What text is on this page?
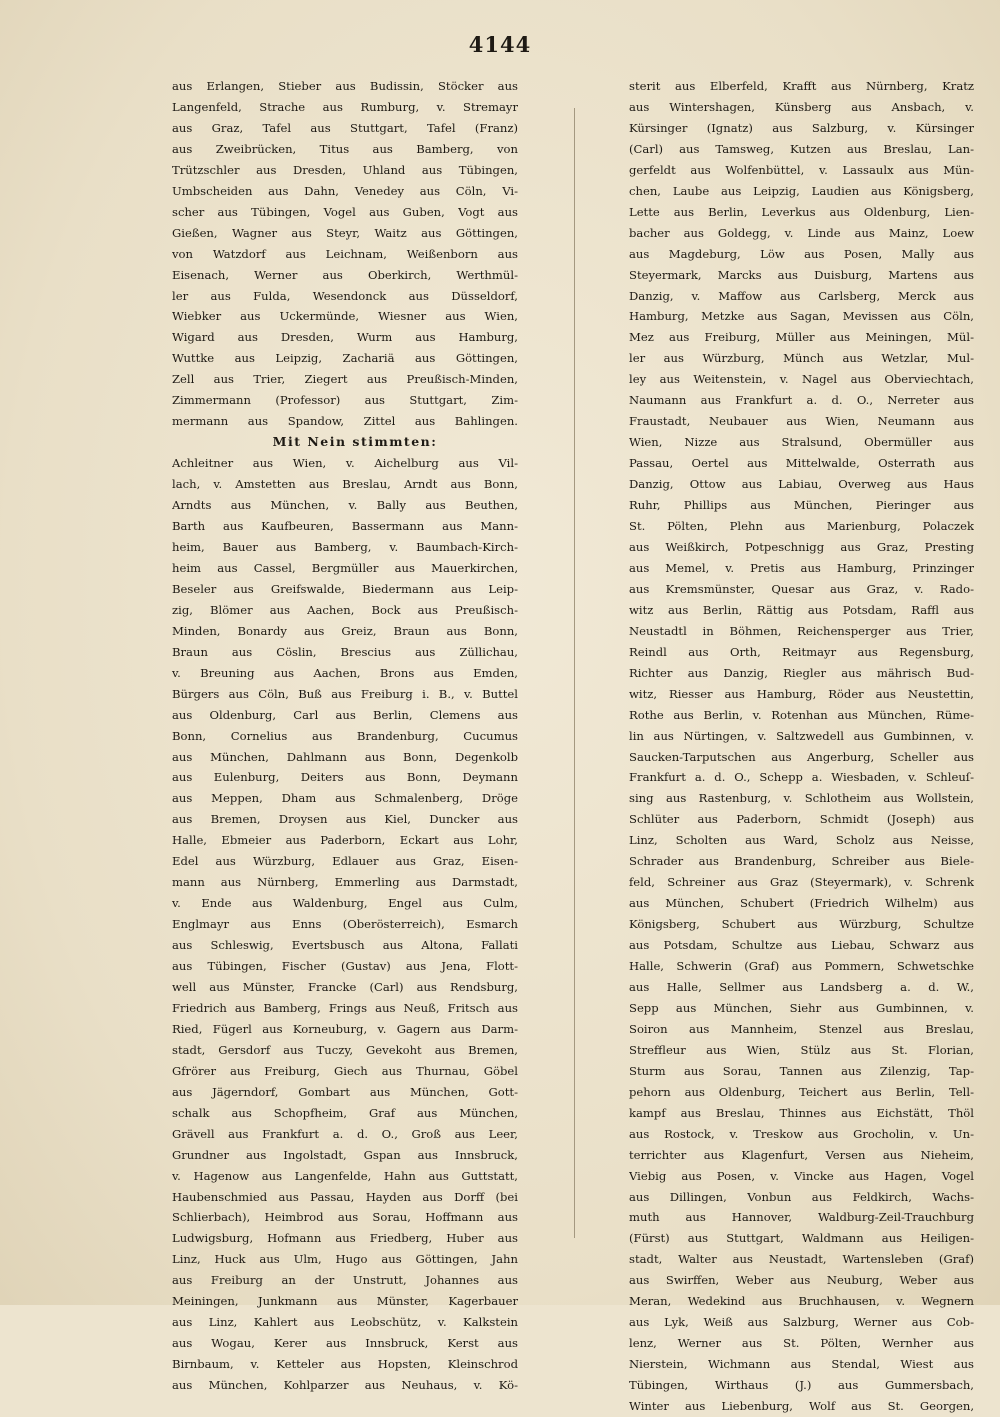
4144

aus Erlangen, Stieber aus Budissin, Stöcker aus

Langenfeld, Strache aus Rumburg, v. Stremayr

aus Graz, Tafel aus Stuttgart, Tafel (Franz)

aus Zweibrücken, Titus aus Bamberg, von

Trützschler aus Dresden, Uhland aus Tübingen,

Umbscheiden aus Dahn, Venedey aus Cöln, Vi-

scher aus Tübingen, Vogel aus Guben, Vogt aus

Gießen, Wagner aus Steyr, Waitz aus Göttingen,

von Watzdorf aus Leichnam, Weißenborn aus

Eisenach, Werner aus Oberkirch, Werthmül-

ler aus Fulda, Wesendonck aus Düsseldorf,

Wiebker aus Uckermünde, Wiesner aus Wien,

Wigard aus Dresden, Wurm aus Hamburg,

Wuttke aus Leipzig, Zachariä aus Göttingen,

Zell aus Trier, Ziegert aus Preußisch-Minden,

Zimmermann (Professor) aus Stuttgart, Zim-

mermann aus Spandow, Zittel aus Bahlingen.

Mit Nein stimmten:

Achleitner aus Wien, v. Aichelburg aus Vil-

lach, v. Amstetten aus Breslau, Arndt aus Bonn,

Arndts aus München, v. Bally aus Beuthen,

Barth aus Kaufbeuren, Bassermann aus Mann-

heim, Bauer aus Bamberg, v. Baumbach-Kirch-

heim aus Cassel, Bergmüller aus Mauerkirchen,

Beseler aus Greifswalde, Biedermann aus Leip-

zig, Blömer aus Aachen, Bock aus Preußisch-

Minden, Bonardy aus Greiz, Braun aus Bonn,

Braun aus Cöslin, Brescius aus Züllichau,

v. Breuning aus Aachen, Brons aus Emden,

Bürgers aus Cöln, Buß aus Freiburg i. B., v. Buttel

aus Oldenburg, Carl aus Berlin, Clemens aus

Bonn, Cornelius aus Brandenburg, Cucumus

aus München, Dahlmann aus Bonn, Degenkolb

aus Eulenburg, Deiters aus Bonn, Deymann

aus Meppen, Dham aus Schmalenberg, Dröge

aus Bremen, Droysen aus Kiel, Duncker aus

Halle, Ebmeier aus Paderborn, Eckart aus Lohr,

Edel aus Würzburg, Edlauer aus Graz, Eisen-

mann aus Nürnberg, Emmerling aus Darmstadt,

v. Ende aus Waldenburg, Engel aus Culm,

Englmayr aus Enns (Oberösterreich), Esmarch

aus Schleswig, Evertsbusch aus Altona, Fallati

aus Tübingen, Fischer (Gustav) aus Jena, Flott-

well aus Münster, Francke (Carl) aus Rendsburg,

Friedrich aus Bamberg, Frings aus Neuß, Fritsch aus

Ried, Fügerl aus Korneuburg, v. Gagern aus Darm-

stadt, Gersdorf aus Tuczy, Gevekoht aus Bremen,

Gfrörer aus Freiburg, Giech aus Thurnau, Göbel

aus Jägerndorf, Gombart aus München, Gott-

schalk aus Schopfheim, Graf aus München,

Grävell aus Frankfurt a. d. O., Groß aus Leer,

Grundner aus Ingolstadt, Gspan aus Innsbruck,

v. Hagenow aus Langenfelde, Hahn aus Guttstatt,

Haubenschmied aus Passau, Hayden aus Dorff (bei

Schlierbach), Heimbrod aus Sorau, Hoffmann aus

Ludwigsburg, Hofmann aus Friedberg, Huber aus

Linz, Huck aus Ulm, Hugo aus Göttingen, Jahn

aus Freiburg an der Unstrutt, Johannes aus

Meiningen, Junkmann aus Münster, Kagerbauer

aus Linz, Kahlert aus Leobschütz, v. Kalkstein

aus Wogau, Kerer aus Innsbruck, Kerst aus

Birnbaum, v. Ketteler aus Hopsten, Kleinschrod

aus München, Kohlparzer aus Neuhaus, v. Kö-

sterit aus Elberfeld, Krafft aus Nürnberg, Kratz

aus Wintershagen, Künsberg aus Ansbach, v.

Kürsinger (Ignatz) aus Salzburg, v. Kürsinger

(Carl) aus Tamsweg, Kutzen aus Breslau, Lan-

gerfeldt aus Wolfenbüttel, v. Lassaulx aus Mün-

chen, Laube aus Leipzig, Laudien aus Königsberg,

Lette aus Berlin, Leverkus aus Oldenburg, Lien-

bacher aus Goldegg, v. Linde aus Mainz, Loew

aus Magdeburg, Löw aus Posen, Mally aus

Steyermark, Marcks aus Duisburg, Martens aus

Danzig, v. Maffow aus Carlsberg, Merck aus

Hamburg, Metzke aus Sagan, Mevissen aus Cöln,

Mez aus Freiburg, Müller aus Meiningen, Mül-

ler aus Würzburg, Münch aus Wetzlar, Mul-

ley aus Weitenstein, v. Nagel aus Oberviechtach,

Naumann aus Frankfurt a. d. O., Nerreter aus

Fraustadt, Neubauer aus Wien, Neumann aus

Wien, Nizze aus Stralsund, Obermüller aus

Passau, Oertel aus Mittelwalde, Osterrath aus

Danzig, Ottow aus Labiau, Overweg aus Haus

Ruhr, Phillips aus München, Pieringer aus

St. Pölten, Plehn aus Marienburg, Polaczek

aus Weißkirch, Potpeschnigg aus Graz, Presting

aus Memel, v. Pretis aus Hamburg, Prinzinger

aus Kremsmünster, Quesar aus Graz, v. Rado-

witz aus Berlin, Rättig aus Potsdam, Raffl aus

Neustadtl in Böhmen, Reichensperger aus Trier,

Reindl aus Orth, Reitmayr aus Regensburg,

Richter aus Danzig, Riegler aus mährisch Bud-

witz, Riesser aus Hamburg, Röder aus Neustettin,

Rothe aus Berlin, v. Rotenhan aus München, Rüme-

lin aus Nürtingen, v. Saltzwedell aus Gumbinnen, v.

Saucken-Tarputschen aus Angerburg, Scheller aus

Frankfurt a. d. O., Schepp a. Wiesbaden, v. Schleuſ-

sing aus Rastenburg, v. Schlotheim aus Wollstein,

Schlüter aus Paderborn, Schmidt (Joseph) aus

Linz, Scholten aus Ward, Scholz aus Neisse,

Schrader aus Brandenburg, Schreiber aus Biele-

feld, Schreiner aus Graz (Steyermark), v. Schrenk

aus München, Schubert (Friedrich Wilhelm) aus

Königsberg, Schubert aus Würzburg, Schultze

aus Potsdam, Schultze aus Liebau, Schwarz aus

Halle, Schwerin (Graf) aus Pommern, Schwetschke

aus Halle, Sellmer aus Landsberg a. d. W.,

Sepp aus München, Siehr aus Gumbinnen, v.

Soiron aus Mannheim, Stenzel aus Breslau,

Streffleur aus Wien, Stülz aus St. Florian,

Sturm aus Sorau, Tannen aus Zilenzig, Tap-

pehorn aus Oldenburg, Teichert aus Berlin, Tell-

kampf aus Breslau, Thinnes aus Eichstätt, Thöl

aus Rostock, v. Treskow aus Grocholin, v. Un-

terrichter aus Klagenfurt, Versen aus Nieheim,

Viebig aus Posen, v. Vincke aus Hagen, Vogel

aus Dillingen, Vonbun aus Feldkirch, Wachs-

muth aus Hannover, Waldburg-Zeil-Trauchburg

(Fürst) aus Stuttgart, Waldmann aus Heiligen-

stadt, Walter aus Neustadt, Wartensleben (Graf)

aus Swirffen, Weber aus Neuburg, Weber aus

Meran, Wedekind aus Bruchhausen, v. Wegnern

aus Lyk, Weiß aus Salzburg, Werner aus Cob-

lenz, Werner aus St. Pölten, Wernher aus

Nierstein, Wichmann aus Stendal, Wiest aus

Tübingen, Wirthaus (J.) aus Gummersbach,

Winter aus Liebenburg, Wolf aus St. Georgen,
